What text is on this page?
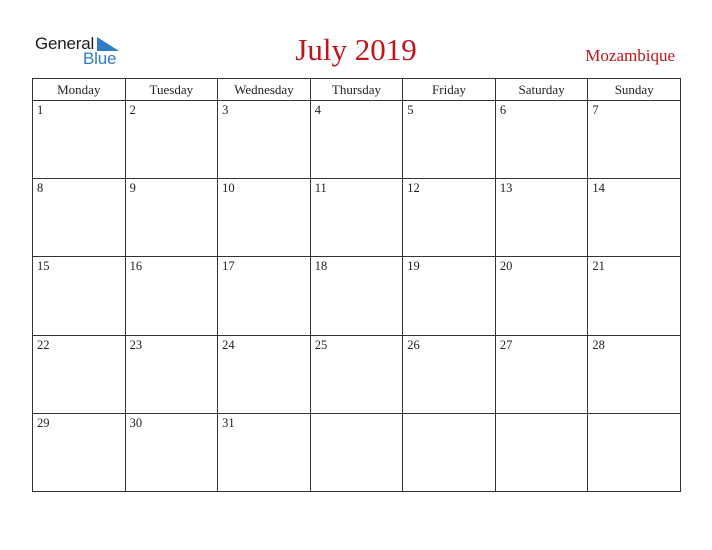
General
Blue	July 2019	Mozambique
Monday	Tuesday	Wednesday	Thursday	Friday	Saturday	Sunday

1	2	3	4	5	6	7

8	9	10	11	12	13	14

15	16	17	18	19	20	21

22	23	24	25	26	27	28

29	30	31				
